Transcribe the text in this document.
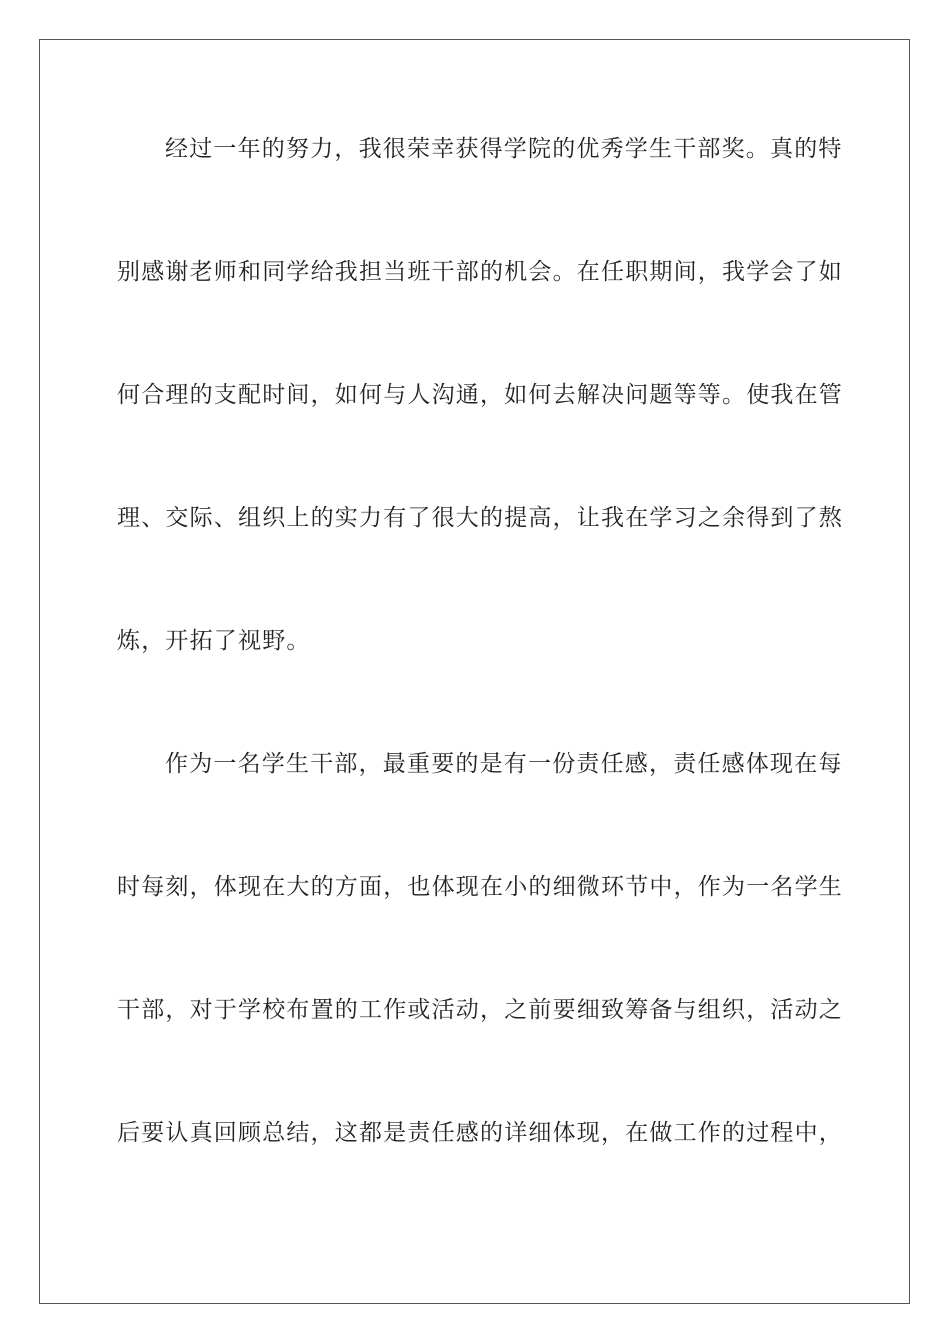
经过一年的努力，我很荣幸获得学院的优秀学生干部奖。真的特
别感谢老师和同学给我担当班干部的机会。在任职期间，我学会了如
何合理的支配时间，如何与人沟通，如何去解决问题等等。使我在管
理、交际、组织上的实力有了很大的提高，让我在学习之余得到了熬
炼，开拓了视野。
作为一名学生干部，最重要的是有一份责任感，责任感体现在每
时每刻，体现在大的方面，也体现在小的细微环节中，作为一名学生
干部，对于学校布置的工作或活动，之前要细致筹备与组织，活动之
后要认真回顾总结，这都是责任感的详细体现，在做工作的过程中，
